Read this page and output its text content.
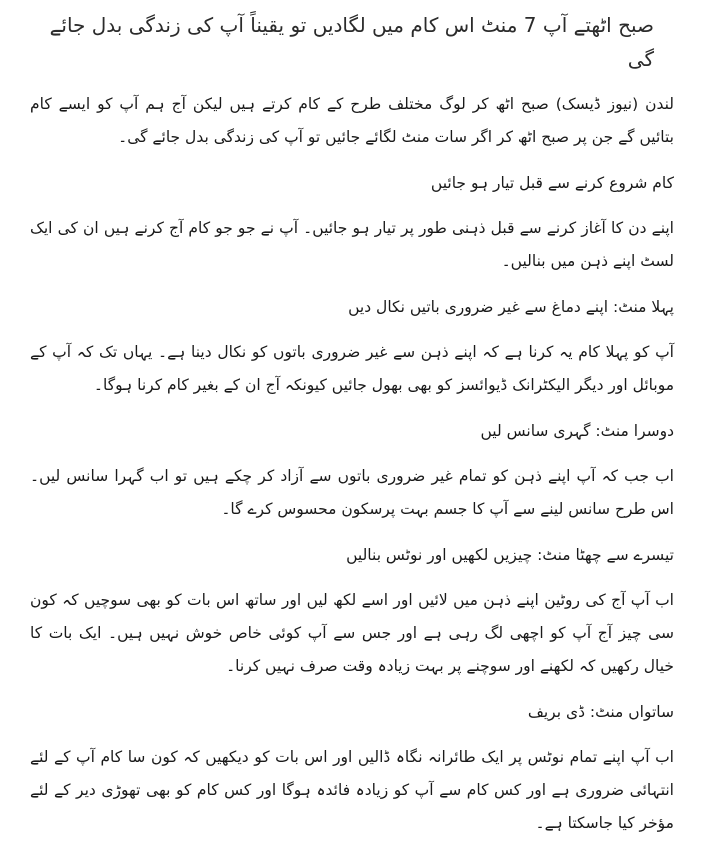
صبح اٹھتے آپ 7 منٹ اس کام میں لگادیں تو یقیناً آپ کی زندگی بدل جائے گی

لندن (نیوز ڈیسک) صبح اٹھ کر لوگ مختلف طرح کے کام کرتے ہیں لیکن آج ہم آپ کو ایسے کام بتائیں گے جن پر صبح اٹھ کر اگر سات منٹ لگائے جائیں تو آپ کی زندگی بدل جائے گی۔

کام شروع کرنے سے قبل تیار ہو جائیں

اپنے دن کا آغاز کرنے سے قبل ذہنی طور پر تیار ہو جائیں۔ آپ نے جو جو کام آج کرنے ہیں ان کی ایک لسٹ اپنے ذہن میں بنالیں۔

پہلا منٹ: اپنے دماغ سے غیر ضروری باتیں نکال دیں

آپ کو پہلا کام یہ کرنا ہے کہ اپنے ذہن سے غیر ضروری باتوں کو نکال دینا ہے۔ یہاں تک کہ آپ کے موبائل اور دیگر الیکٹرانک ڈیوائسز کو بھی بھول جائیں کیونکہ آج ان کے بغیر کام کرنا ہوگا۔

دوسرا منٹ: گہری سانس لیں

اب جب کہ آپ اپنے ذہن کو تمام غیر ضروری باتوں سے آزاد کر چکے ہیں تو اب گہرا سانس لیں۔ اس طرح سانس لینے سے آپ کا جسم بہت پرسکون محسوس کرے گا۔

تیسرے سے چھٹا منٹ: چیزیں لکھیں اور نوٹس بنالیں

اب آپ آج کی روٹین اپنے ذہن میں لائیں اور اسے لکھ لیں اور ساتھ اس بات کو بھی سوچیں کہ کون سی چیز آج آپ کو اچھی لگ رہی ہے اور جس سے آپ کوئی خاص خوش نہیں ہیں۔ ایک بات کا خیال رکھیں کہ لکھنے اور سوچنے پر بہت زیادہ وقت صرف نہیں کرنا۔

ساتواں منٹ: ڈی بریف

اب آپ اپنے تمام نوٹس پر ایک طائرانہ نگاہ ڈالیں اور اس بات کو دیکھیں کہ کون سا کام آپ کے لئے انتہائی ضروری ہے اور کس کام سے آپ کو زیادہ فائدہ ہوگا اور کس کام کو بھی تھوڑی دیر کے لئے مؤخر کیا جاسکتا ہے۔
